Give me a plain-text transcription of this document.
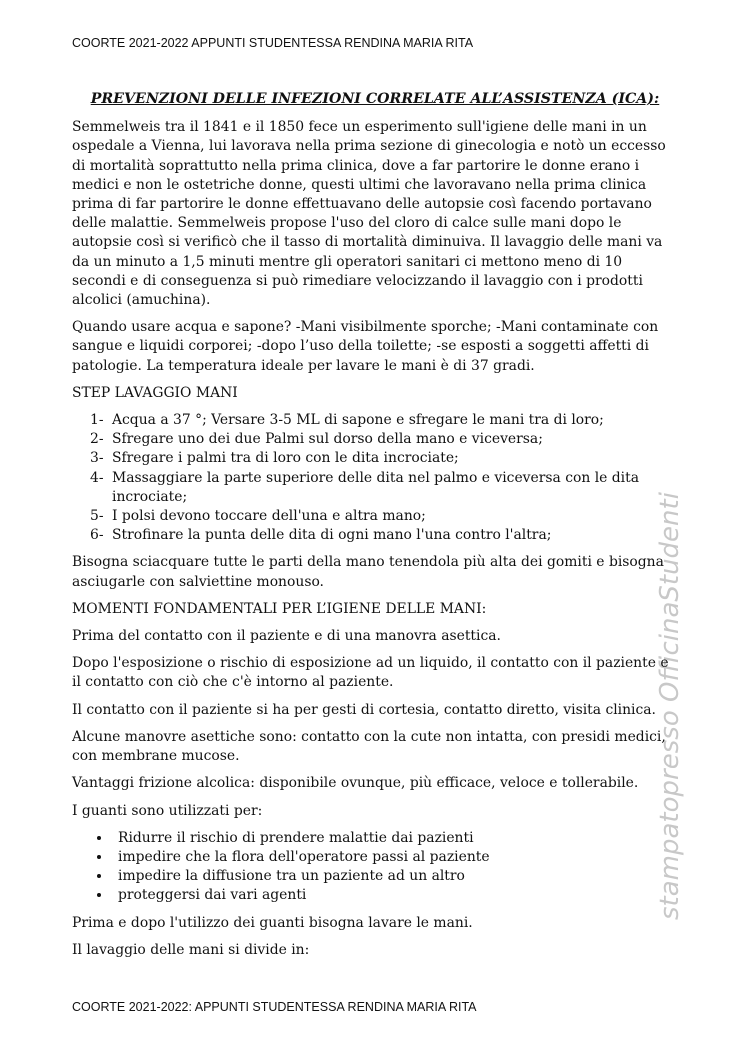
COORTE 2021-2022 APPUNTI STUDENTESSA RENDINA MARIA RITA
stampatopresso OfficinaStudenti
PREVENZIONI DELLE INFEZIONI CORRELATE ALL’ASSISTENZA (ICA):

Semmelweis tra il 1841 e il 1850 fece un esperimento sull'igiene delle mani in un ospedale a Vienna, lui lavorava nella prima sezione di ginecologia e notò un eccesso di mortalità soprattutto nella prima clinica, dove a far partorire le donne erano i medici e non le ostetriche donne, questi ultimi che lavoravano nella prima clinica prima di far partorire le donne effettuavano delle autopsie così facendo portavano delle malattie. Semmelweis propose l'uso del cloro di calce sulle mani dopo le autopsie così si verificò che il tasso di mortalità diminuiva. Il lavaggio delle mani va da un minuto a 1,5 minuti mentre gli operatori sanitari ci mettono meno di 10 secondi e di conseguenza si può rimediare velocizzando il lavaggio con i prodotti alcolici (amuchina).

Quando usare acqua e sapone? -Mani visibilmente sporche; -Mani contaminate con sangue e liquidi corporei; -dopo l’uso della toilette; -se esposti a soggetti affetti di patologie. La temperatura ideale per lavare le mani è di 37 gradi.

STEP LAVAGGIO MANI

1- Acqua a 37 °; Versare 3-5 ML di sapone e sfregare le mani tra di loro;
2- Sfregare uno dei due Palmi sul dorso della mano e viceversa;
3- Sfregare i palmi tra di loro con le dita incrociate;
4- Massaggiare la parte superiore delle dita nel palmo e viceversa con le dita incrociate;
5- I polsi devono toccare dell'una e altra mano;
6- Strofinare la punta delle dita di ogni mano l'una contro l'altra;

Bisogna sciacquare tutte le parti della mano tenendola più alta dei gomiti e bisogna asciugarle con salviettine monouso.

MOMENTI FONDAMENTALI PER L’IGIENE DELLE MANI:

Prima del contatto con il paziente e di una manovra asettica.

Dopo l'esposizione o rischio di esposizione ad un liquido, il contatto con il paziente e il contatto con ciò che c'è intorno al paziente.

Il contatto con il paziente si ha per gesti di cortesia, contatto diretto, visita clinica.

Alcune manovre asettiche sono: contatto con la cute non intatta, con presidi medici, con membrane mucose.

Vantaggi frizione alcolica: disponibile ovunque, più efficace, veloce e tollerabile.

I guanti sono utilizzati per:

• Ridurre il rischio di prendere malattie dai pazienti
• impedire che la flora dell'operatore passi al paziente
• impedire la diffusione tra un paziente ad un altro
• proteggersi dai vari agenti

Prima e dopo l'utilizzo dei guanti bisogna lavare le mani.

Il lavaggio delle mani si divide in:

COORTE 2021-2022: APPUNTI STUDENTESSA RENDINA MARIA RITA
